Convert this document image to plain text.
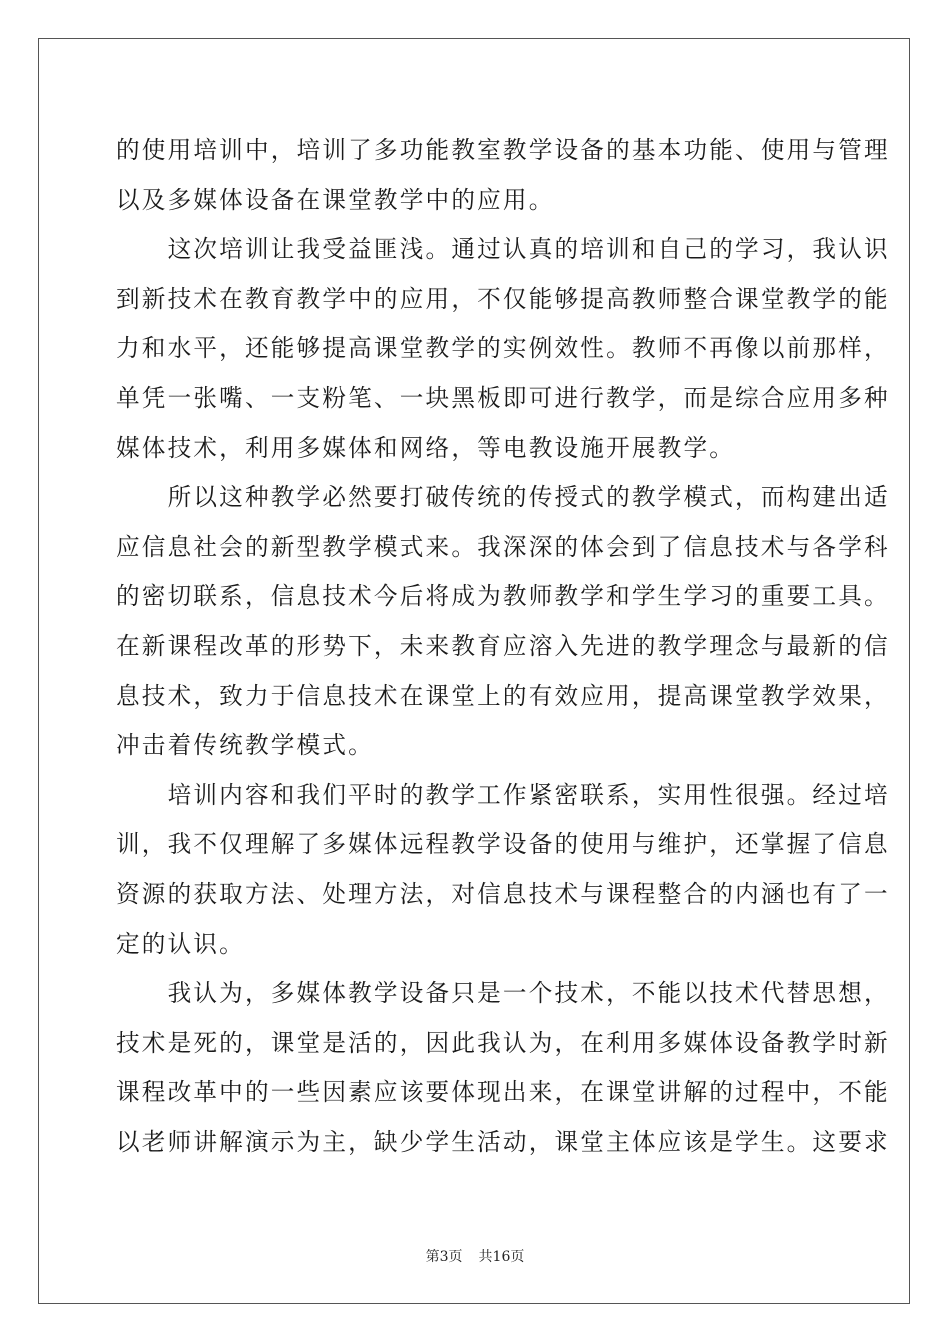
的使用培训中，培训了多功能教室教学设备的基本功能、使用与管理
以及多媒体设备在课堂教学中的应用。

　　这次培训让我受益匪浅。通过认真的培训和自己的学习，我认识
到新技术在教育教学中的应用，不仅能够提高教师整合课堂教学的能
力和水平，还能够提高课堂教学的实例效性。教师不再像以前那样，
单凭一张嘴、一支粉笔、一块黑板即可进行教学，而是综合应用多种
媒体技术，利用多媒体和网络，等电教设施开展教学。

　　所以这种教学必然要打破传统的传授式的教学模式，而构建出适
应信息社会的新型教学模式来。我深深的体会到了信息技术与各学科
的密切联系，信息技术今后将成为教师教学和学生学习的重要工具。
在新课程改革的形势下，未来教育应溶入先进的教学理念与最新的信
息技术，致力于信息技术在课堂上的有效应用，提高课堂教学效果，
冲击着传统教学模式。

　　培训内容和我们平时的教学工作紧密联系，实用性很强。经过培
训，我不仅理解了多媒体远程教学设备的使用与维护，还掌握了信息
资源的获取方法、处理方法，对信息技术与课程整合的内涵也有了一
定的认识。

　　我认为，多媒体教学设备只是一个技术，不能以技术代替思想，
技术是死的，课堂是活的，因此我认为，在利用多媒体设备教学时新
课程改革中的一些因素应该要体现出来，在课堂讲解的过程中，不能
以老师讲解演示为主，缺少学生活动，课堂主体应该是学生。这要求

第3页 共16页
